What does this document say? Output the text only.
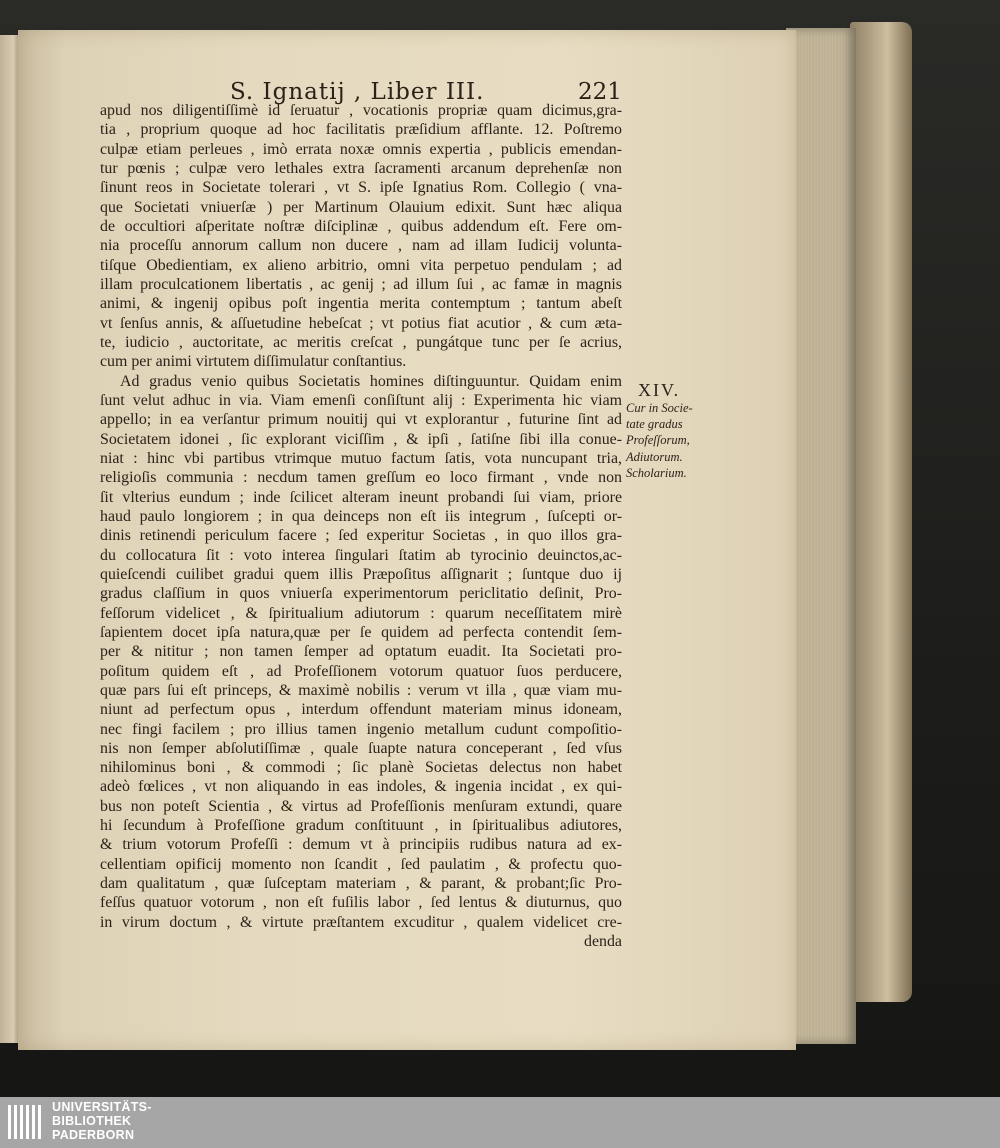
S. Ignatij , Liber III.	221
apud nos diligentiſſimè id ſeruatur , vocationis propriæ quam dicimus,gra-
tia , proprium quoque ad hoc facilitatis præſidium afflante. 12. Poſtremo
culpæ etiam perleues , imò errata noxæ omnis expertia , publicis emendan-
tur pœnis ; culpæ vero lethales extra ſacramenti arcanum deprehenſæ non
ſinunt reos in Societate tolerari , vt S. ipſe Ignatius Rom. Collegio ( vna-
que Societati vniuerſæ ) per Martinum Olauium edixit. Sunt hæc aliqua
de occultiori aſperitate noſtræ diſciplinæ , quibus addendum eſt. Fere om-
nia proceſſu annorum callum non ducere , nam ad illam Iudicij volunta-
tiſque Obedientiam, ex alieno arbitrio, omni vita perpetuo pendulam ; ad
illam proculcationem libertatis , ac genij ; ad illum ſui , ac famæ in magnis
animi, & ingenij opibus poſt ingentia merita contemptum ; tantum abeſt
vt ſenſus annis, & aſſuetudine hebeſcat ; vt potius fiat acutior , & cum æta-
te, iudicio , auctoritate, ac meritis creſcat , pungátque tunc per ſe acrius,
cum per animi virtutem diſſimulatur conſtantius.
Ad gradus venio quibus Societatis homines diſtinguuntur. Quidam enim
ſunt velut adhuc in via. Viam emenſi conſiſtunt alij : Experimenta hic viam
appello; in ea verſantur primum nouitij qui vt explorantur , futurine ſint ad
Societatem idonei , ſic explorant viciſſim , & ipſi , ſatiſne ſibi illa conue-
niat : hinc vbi partibus vtrimque mutuo factum ſatis, vota nuncupant tria,
religioſis communia : necdum tamen greſſum eo loco firmant , vnde non
ſit vlterius eundum ; inde ſcilicet alteram ineunt probandi ſui viam, priore
haud paulo longiorem ; in qua deinceps non eſt iis integrum , ſuſcepti or-
dinis retinendi periculum facere ; ſed experitur Societas , in quo illos gra-
du collocatura ſit : voto interea ſingulari ſtatim ab tyrocinio deuinctos,ac-
quieſcendi cuilibet gradui quem illis Præpoſitus aſſignarit ; ſuntque duo ij
gradus claſſium in quos vniuerſa experimentorum periclitatio deſinit, Pro-
feſſorum videlicet , & ſpiritualium adiutorum : quarum neceſſitatem mirè
ſapientem docet ipſa natura,quæ per ſe quidem ad perfecta contendit ſem-
per & nititur ; non tamen ſemper ad optatum euadit. Ita Societati pro-
poſitum quidem eſt , ad Profeſſionem votorum quatuor ſuos perducere,
quæ pars ſui eſt princeps, & maximè nobilis : verum vt illa , quæ viam mu-
niunt ad perfectum opus , interdum offendunt materiam minus idoneam,
nec fingi facilem ; pro illius tamen ingenio metallum cudunt compoſitio-
nis non ſemper abſolutiſſimæ , quale ſuapte natura conceperant , ſed vſus
nihilominus boni , & commodi ; ſic planè Societas delectus non habet
adeò fœlices , vt non aliquando in eas indoles, & ingenia incidat , ex qui-
bus non poteſt Scientia , & virtus ad Profeſſionis menſuram extundi, quare
hi ſecundum à Profeſſione gradum conſtituunt , in ſpiritualibus adiutores,
& trium votorum Profeſſi : demum vt à principiis rudibus natura ad ex-
cellentiam opificij momento non ſcandit , ſed paulatim , & profectu quo-
dam qualitatum , quæ ſuſceptam materiam , & parant, & probant;ſic Pro-
feſſus quatuor votorum , non eſt fuſilis labor , ſed lentus & diuturnus, quo
in virum doctum , & virtute præſtantem excuditur , qualem videlicet cre-
denda
XIV.
Cur in Socie-
tate gradus
Profeſſorum,
Adiutorum.
Scholarium.
UNIVERSITÄTS-
BIBLIOTHEK
PADERBORN
